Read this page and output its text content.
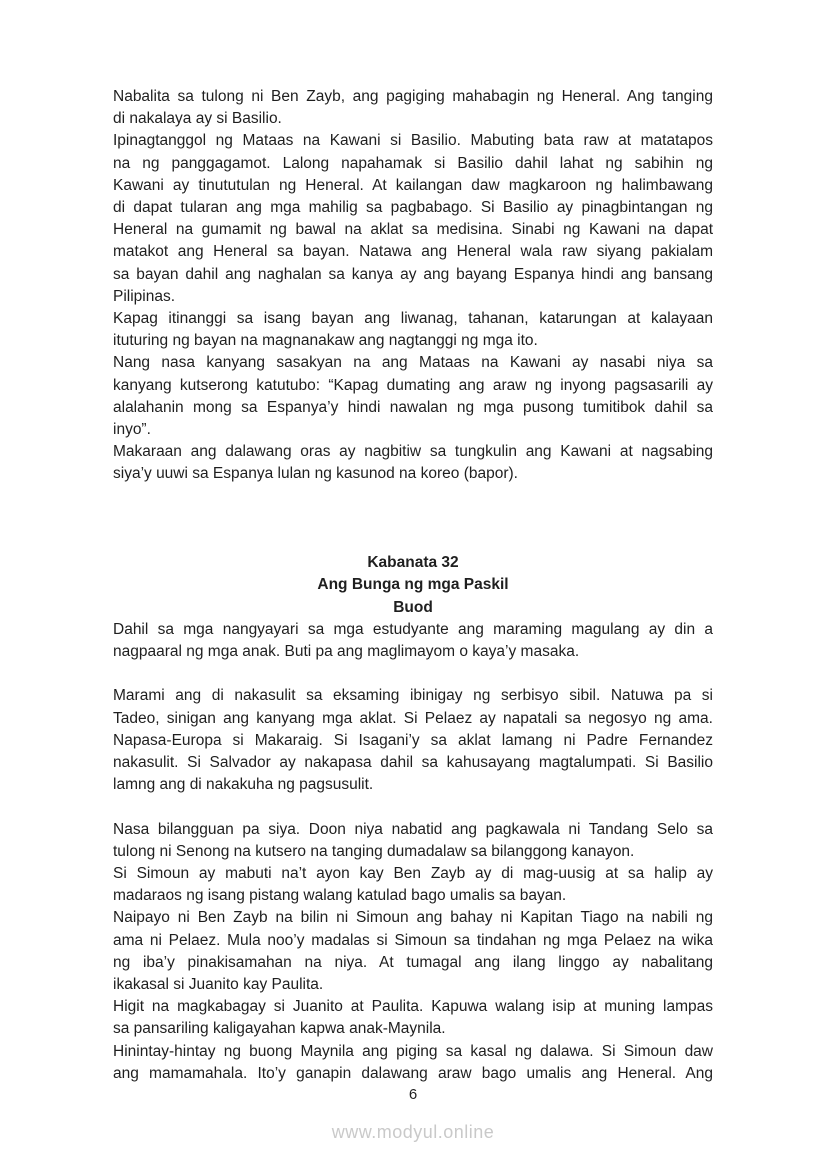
Nabalita sa tulong ni Ben Zayb, ang pagiging mahabagin ng Heneral. Ang tanging
di nakalaya ay si Basilio.
Ipinagtanggol ng Mataas na Kawani si Basilio. Mabuting bata raw at matatapos
na ng panggagamot. Lalong napahamak si Basilio dahil lahat ng sabihin ng
Kawani ay tinututulan ng Heneral. At kailangan daw magkaroon ng halimbawang
di dapat tularan ang mga mahilig sa pagbabago. Si Basilio ay pinagbintangan ng
Heneral na gumamit ng bawal na aklat sa medisina. Sinabi ng Kawani na dapat
matakot ang Heneral sa bayan. Natawa ang Heneral wala raw siyang pakialam
sa bayan dahil ang naghalan sa kanya ay ang bayang Espanya hindi ang bansang
Pilipinas.
Kapag itinanggi sa isang bayan ang liwanag, tahanan, katarungan at kalayaan
ituturing ng bayan na magnanakaw ang nagtanggi ng mga ito.
Nang nasa kanyang sasakyan na ang Mataas na Kawani ay nasabi niya sa
kanyang kutserong katutubo: “Kapag dumating ang araw ng inyong pagsasarili ay
alalahanin mong sa Espanya’y hindi nawalan ng mga pusong tumitibok dahil sa
inyo”.
Makaraan ang dalawang oras ay nagbitiw sa tungkulin ang Kawani at nagsabing
siya’y uuwi sa Espanya lulan ng kasunod na koreo (bapor).
Kabanata 32
Ang Bunga ng mga Paskil
Buod
Dahil sa mga nangyayari sa mga estudyante ang maraming magulang ay din a
nagpaaral ng mga anak. Buti pa ang maglimayom o kaya’y masaka.
Marami ang di nakasulit sa eksaming ibinigay ng serbisyo sibil. Natuwa pa si
Tadeo, sinigan ang kanyang mga aklat. Si Pelaez ay napatali sa negosyo ng ama.
Napasa-Europa si Makaraig. Si Isagani’y sa aklat lamang ni Padre Fernandez
nakasulit. Si Salvador ay nakapasa dahil sa kahusayang magtalumpati. Si Basilio
lamng ang di nakakuha ng pagsusulit.
Nasa bilangguan pa siya. Doon niya nabatid ang pagkawala ni Tandang Selo sa
tulong ni Senong na kutsero na tanging dumadalaw sa bilanggong kanayon.
Si Simoun ay mabuti na’t ayon kay Ben Zayb ay di mag-uusig at sa halip ay
madaraos ng isang pistang walang katulad bago umalis sa bayan.
Naipayo ni Ben Zayb na bilin ni Simoun ang bahay ni Kapitan Tiago na nabili ng
ama ni Pelaez. Mula noo’y madalas si Simoun sa tindahan ng mga Pelaez na wika
ng iba’y pinakisamahan na niya. At tumagal ang ilang linggo ay nabalitang
ikakasal si Juanito kay Paulita.
Higit na magkabagay si Juanito at Paulita. Kapuwa walang isip at muning lampas
sa pansariling kaligayahan kapwa anak-Maynila.
Hinintay-hintay ng buong Maynila ang piging sa kasal ng dalawa. Si Simoun daw
ang mamamahala. Ito’y ganapin dalawang araw bago umalis ang Heneral. Ang
6
www.modyul.online
